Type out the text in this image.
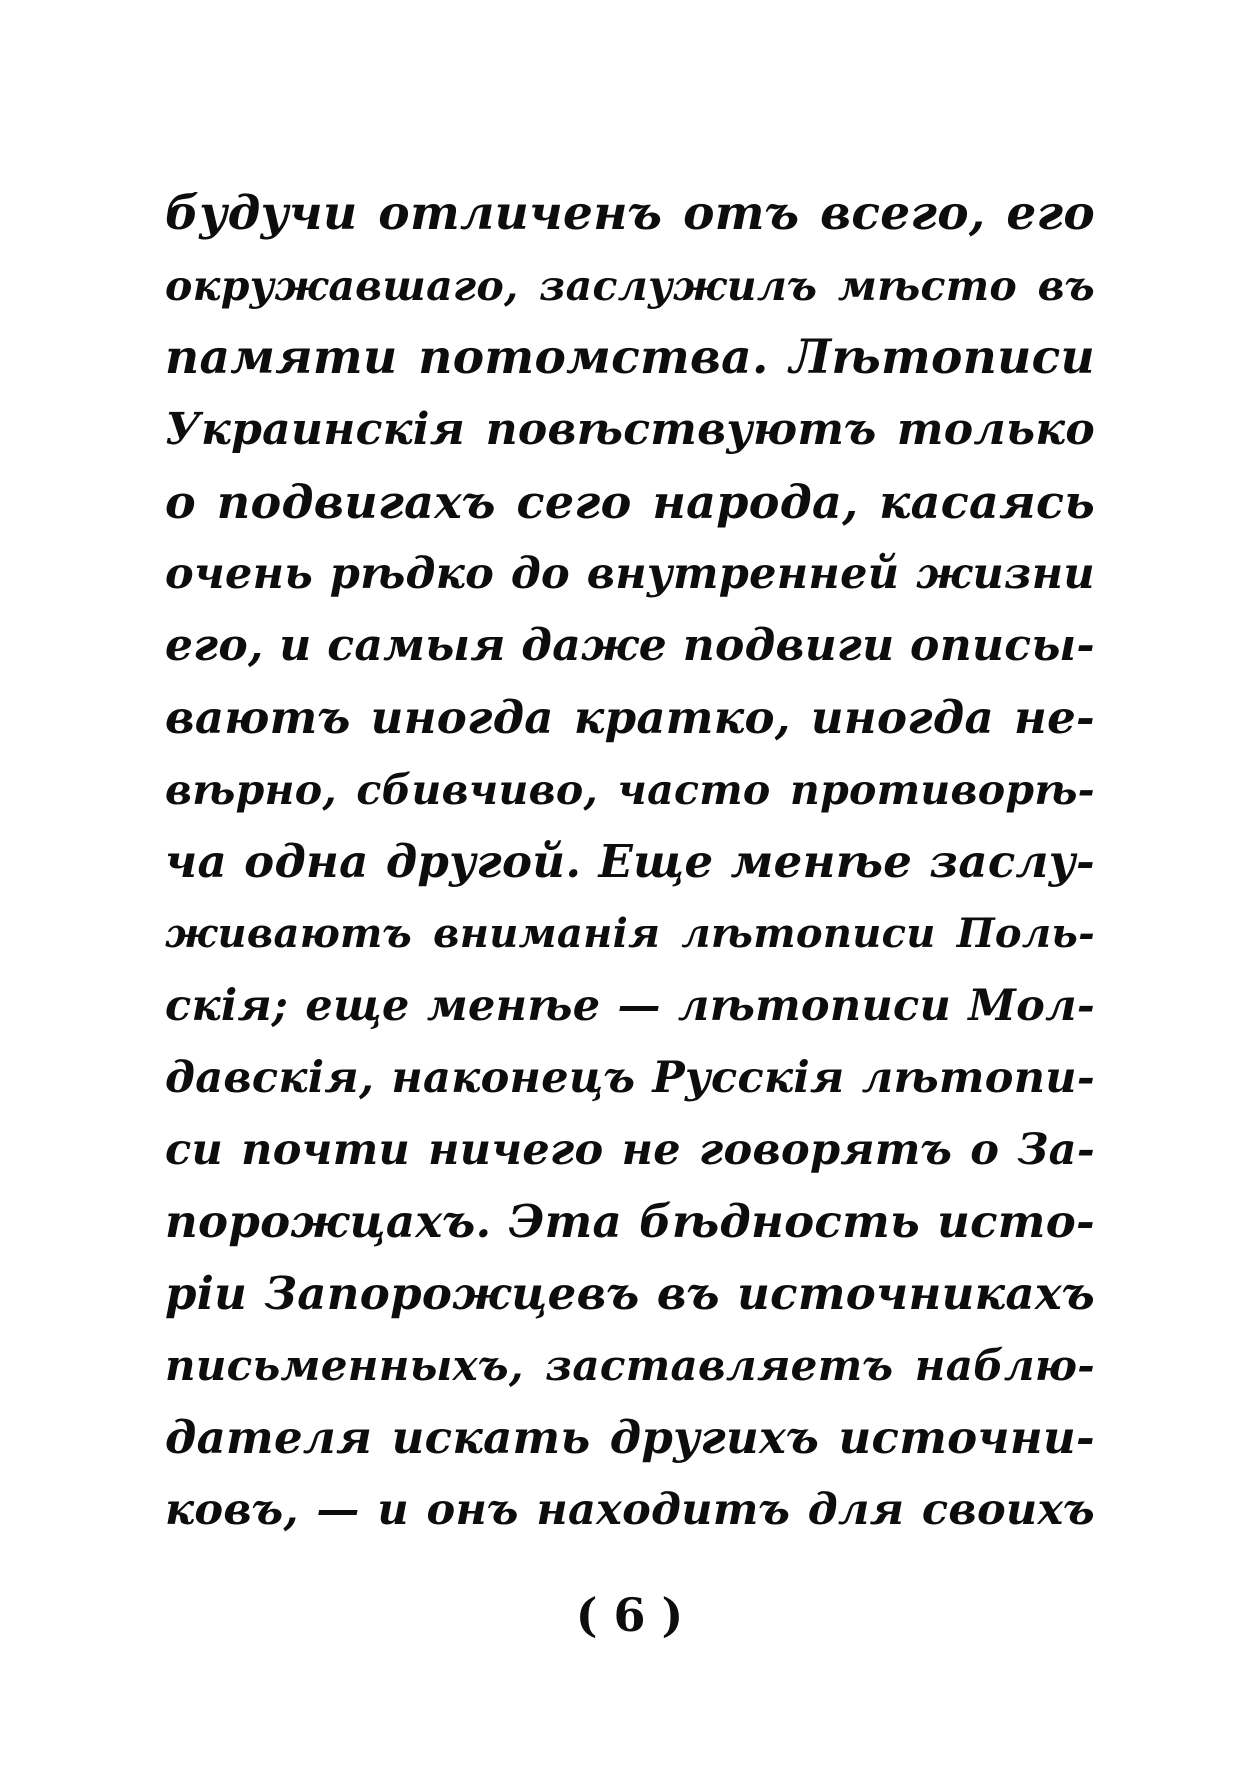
будучи отличенъ отъ всего, его
окружавшаго, заслужилъ мѣсто въ
памяти потомства. Лѣтописи
Украинскія повѣствуютъ только
о подвигахъ сего народа, касаясь
очень рѣдко до внутренней жизни
его, и самыя даже подвиги описы-
ваютъ иногда кратко, иногда не-
вѣрно, сбивчиво, часто противорѣ-
ча одна другой. Еще менѣе заслу-
живаютъ вниманія лѣтописи Поль-
скія; еще менѣе — лѣтописи Мол-
давскія, наконецъ Русскія лѣтопи-
си почти ничего не говорятъ о За-
порожцахъ. Эта бѣдность исто-
ріи Запорожцевъ въ источникахъ
письменныхъ, заставляетъ наблю-
дателя искать другихъ источни-
ковъ, — и онъ находитъ для своихъ
( 6 )
